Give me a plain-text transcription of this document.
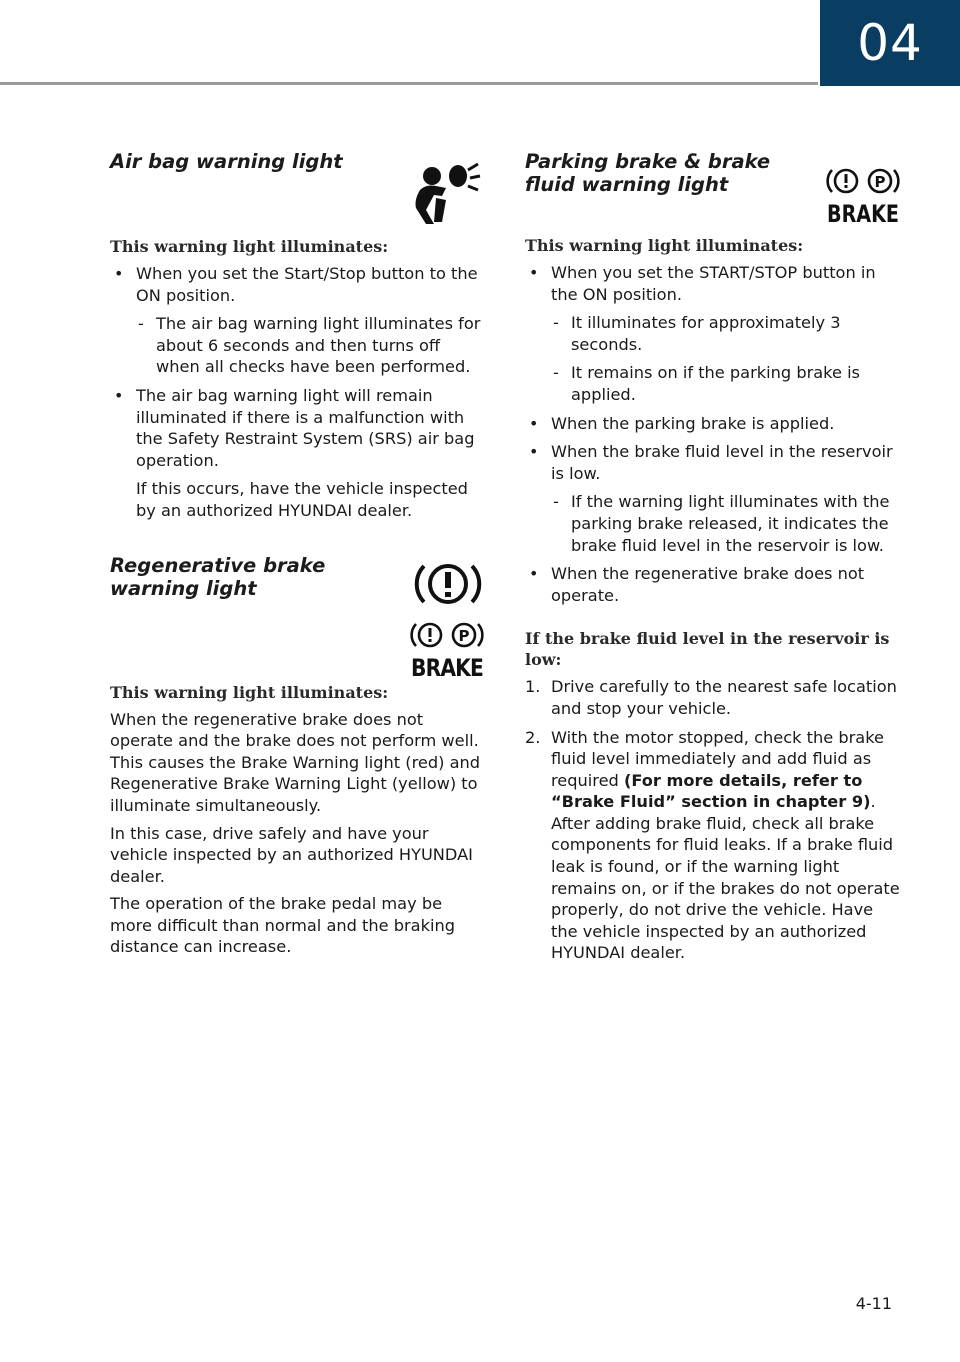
04
Air bag warning light
This warning light illuminates:
• When you set the Start/Stop button to the ON position.
- The air bag warning light illuminates for about 6 seconds and then turns off when all checks have been performed.
• The air bag warning light will remain illuminated if there is a malfunction with the Safety Restraint System (SRS) air bag operation.

If this occurs, have the vehicle inspected by an authorized HYUNDAI dealer.

Regenerative brake warning light
P
BRAKE
This warning light illuminates:

When the regenerative brake does not operate and the brake does not perform well. This causes the Brake Warning light (red) and Regenerative Brake Warning Light (yellow) to illuminate simultaneously.

In this case, drive safely and have your vehicle inspected by an authorized HYUNDAI dealer.

The operation of the brake pedal may be more difficult than normal and the braking distance can increase.

Parking brake & brake fluid warning light	P
BRAKE
This warning light illuminates:
• When you set the START/STOP button in the ON position.
- It illuminates for approximately 3 seconds.
- It remains on if the parking brake is applied.
• When the parking brake is applied.
• When the brake fluid level in the reservoir is low.
- If the warning light illuminates with the parking brake released, it indicates the brake fluid level in the reservoir is low.
• When the regenerative brake does not operate.
If the brake fluid level in the reservoir is low:
1. Drive carefully to the nearest safe location and stop your vehicle.
2. With the motor stopped, check the brake fluid level immediately and add fluid as required (For more details, refer to “Brake Fluid” section in chapter 9). After adding brake fluid, check all brake components for fluid leaks. If a brake fluid leak is found, or if the warning light remains on, or if the brakes do not operate properly, do not drive the vehicle. Have the vehicle inspected by an authorized HYUNDAI dealer.
4-11
